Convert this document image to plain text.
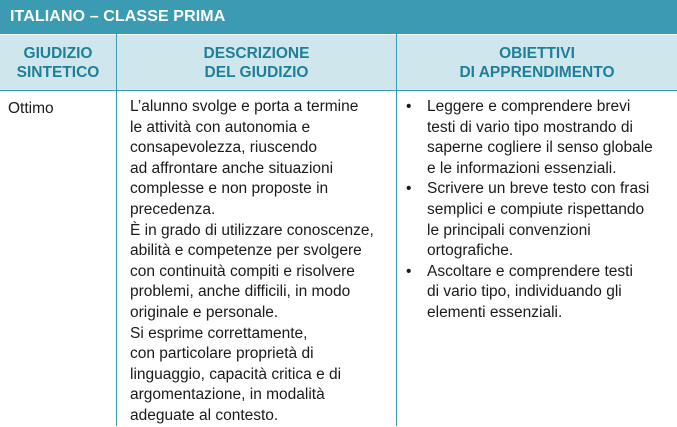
ITALIANO – CLASSE PRIMA
GIUDIZIO
SINTETICO
DESCRIZIONE
DEL GIUDIZIO
OBIETTIVI
DI APPRENDIMENTO
Ottimo	L’alunno svolge e porta a termine
le attività con autonomia e
consapevolezza, riuscendo
ad affrontare anche situazioni
complesse e non proposte in
precedenza.
È in grado di utilizzare conoscenze,
abilità e competenze per svolgere
con continuità compiti e risolvere
problemi, anche difficili, in modo
originale e personale.
Si esprime correttamente,
con particolare proprietà di
linguaggio, capacità critica e di
argomentazione, in modalità
adeguate al contesto.
• Leggere e comprendere brevi
testi di vario tipo mostrando di
saperne cogliere il senso globale
e le informazioni essenziali.
• Scrivere un breve testo con frasi
semplici e compiute rispettando
le principali convenzioni
ortografiche.
• Ascoltare e comprendere testi
di vario tipo, individuando gli
elementi essenziali.
